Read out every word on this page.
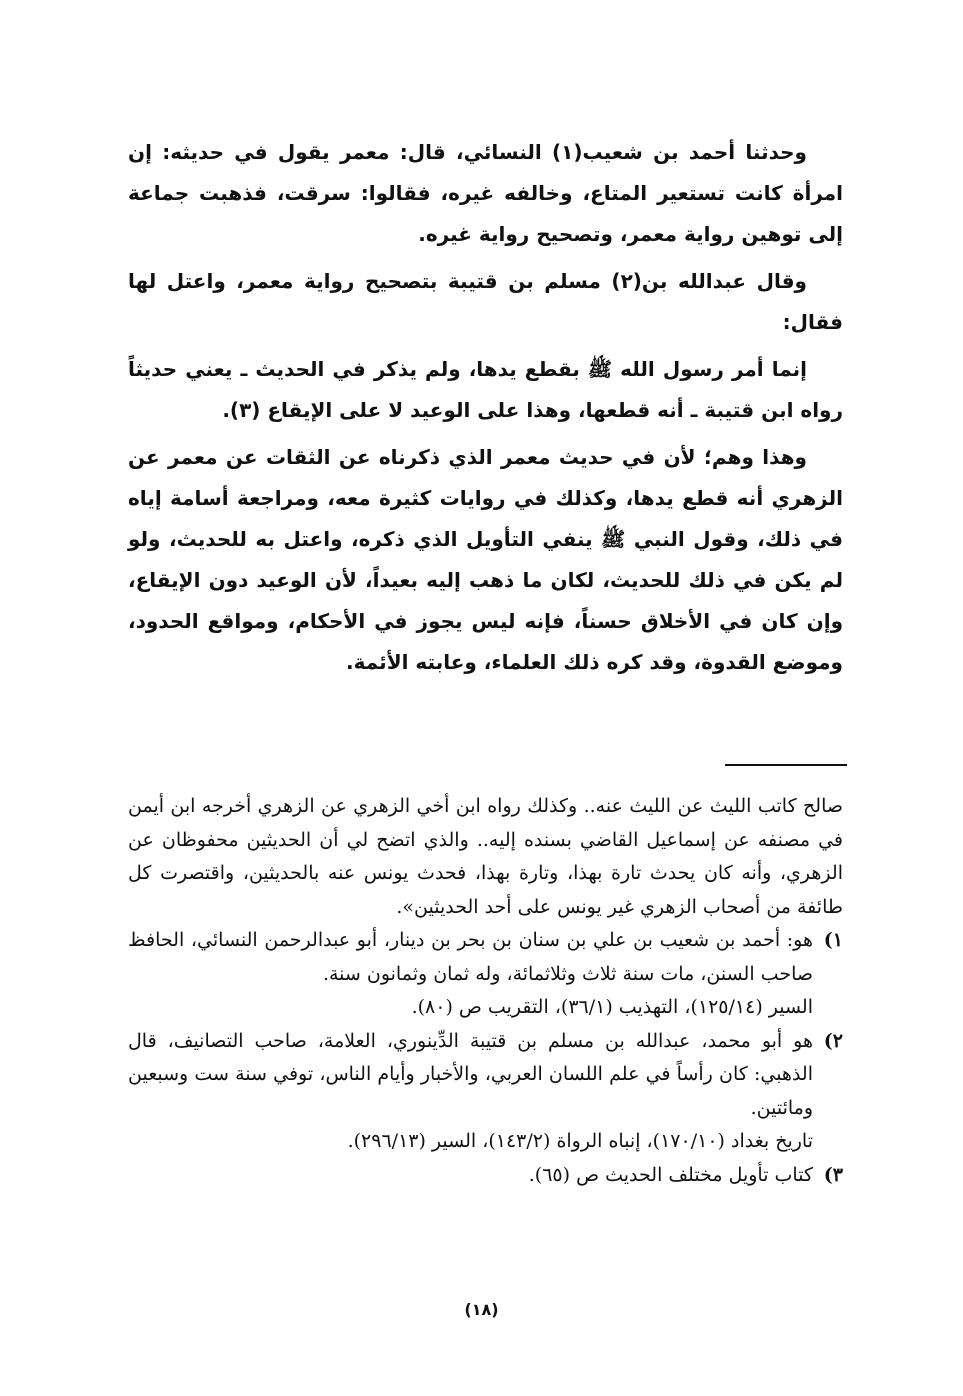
وحدثنا أحمد بن شعيب(١) النسائي، قال: معمر يقول في حديثه: إن امرأة كانت تستعير المتاع، وخالفه غيره، فقالوا: سرقت، فذهبت جماعة إلى توهين رواية معمر، وتصحيح رواية غيره.

وقال عبدالله بن(٢) مسلم بن قتيبة بتصحيح رواية معمر، واعتل لها فقال:

إنما أمر رسول الله ﷺ بقطع يدها، ولم يذكر في الحديث ـ يعني حديثاً رواه ابن قتيبة ـ أنه قطعها، وهذا على الوعيد لا على الإيقاع (٣).

وهذا وهم؛ لأن في حديث معمر الذي ذكرناه عن الثقات عن معمر عن الزهري أنه قطع يدها، وكذلك في روايات كثيرة معه، ومراجعة أسامة إياه في ذلك، وقول النبي ﷺ ينفي التأويل الذي ذكره، واعتل به للحديث، ولو لم يكن في ذلك للحديث، لكان ما ذهب إليه بعيداً، لأن الوعيد دون الإيقاع، وإن كان في الأخلاق حسناً، فإنه ليس يجوز في الأحكام، ومواقع الحدود، وموضع القدوة، وقد كره ذلك العلماء، وعابته الأئمة.

صالح كاتب الليث عن الليث عنه.. وكذلك رواه ابن أخي الزهري عن الزهري أخرجه ابن أيمن في مصنفه عن إسماعيل القاضي بسنده إليه.. والذي اتضح لي أن الحديثين محفوظان عن الزهري، وأنه كان يحدث تارة بهذا، وتارة بهذا، فحدث يونس عنه بالحديثين، واقتصرت كل طائفة من أصحاب الزهري غير يونس على أحد الحديثين».

١)

هو: أحمد بن شعيب بن علي بن سنان بن بحر بن دينار، أبو عبدالرحمن النسائي، الحافظ صاحب السنن، مات سنة ثلاث وثلاثمائة، وله ثمان وثمانون سنة.

السير (١٢٥/١٤)، التهذيب (٣٦/١)، التقريب ص (٨٠).

٢)

هو أبو محمد، عبدالله بن مسلم بن قتيبة الدِّينوري، العلامة، صاحب التصانيف، قال الذهبي: كان رأساً في علم اللسان العربي، والأخبار وأيام الناس، توفي سنة ست وسبعين ومائتين.

تاريخ بغداد (١٧٠/١٠)، إنباه الرواة (١٤٣/٢)، السير (٢٩٦/١٣).

٣)

كتاب تأويل مختلف الحديث ص (٦٥).

(١٨)
